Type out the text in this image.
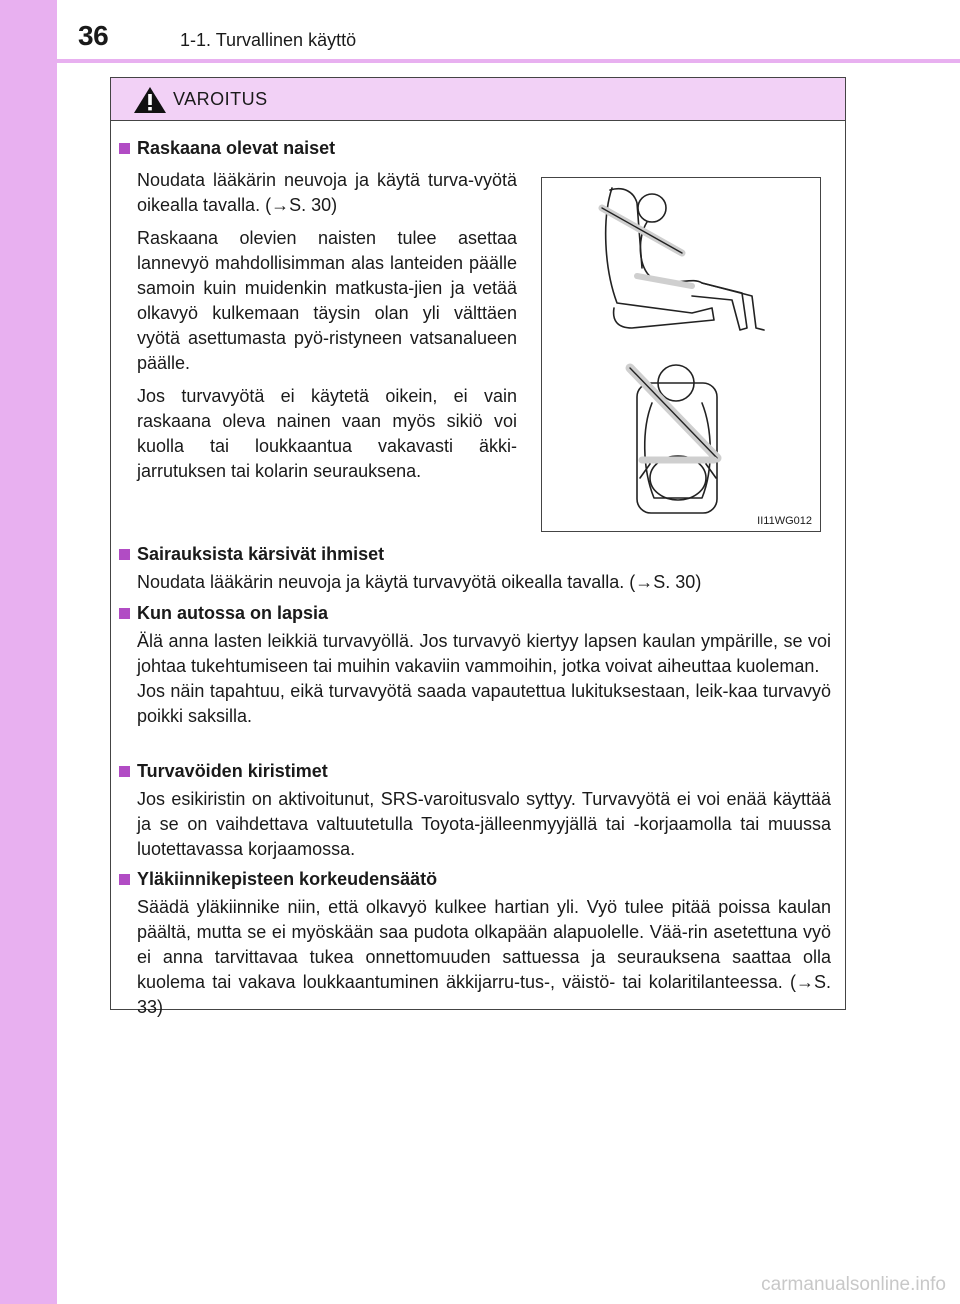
36	1-1. Turvallinen käyttö
VAROITUS
Raskaana olevat naiset

Noudata lääkärin neuvoja ja käytä turva-vyötä oikealla tavalla. (→S. 30)

Raskaana olevien naisten tulee asettaa lannevyö mahdollisimman alas lanteiden päälle samoin kuin muidenkin matkusta-jien ja vetää olkavyö kulkemaan täysin olan yli välttäen vyötä asettumasta pyö-ristyneen vatsanalueen päälle.

Jos turvavyötä ei käytetä oikein, ei vain raskaana oleva nainen vaan myös sikiö voi kuolla tai loukkaantua vakavasti äkki-jarrutuksen tai kolarin seurauksena.

II11WG012
Sairauksista kärsivät ihmiset

Noudata lääkärin neuvoja ja käytä turvavyötä oikealla tavalla. (→S. 30)

Kun autossa on lapsia

Älä anna lasten leikkiä turvavyöllä. Jos turvavyö kiertyy lapsen kaulan ympärille, se voi johtaa tukehtumiseen tai muihin vakaviin vammoihin, jotka voivat aiheuttaa kuoleman.

Jos näin tapahtuu, eikä turvavyötä saada vapautettua lukituksestaan, leik-kaa turvavyö poikki saksilla.

Turvavöiden kiristimet

Jos esikiristin on aktivoitunut, SRS-varoitusvalo syttyy. Turvavyötä ei voi enää käyttää ja se on vaihdettava valtuutetulla Toyota-jälleenmyyjällä tai -korjaamolla tai muussa luotettavassa korjaamossa.

Yläkiinnikepisteen korkeudensäätö

Säädä yläkiinnike niin, että olkavyö kulkee hartian yli. Vyö tulee pitää poissa kaulan päältä, mutta se ei myöskään saa pudota olkapään alapuolelle. Vää-rin asetettuna vyö ei anna tarvittavaa tukea onnettomuuden sattuessa ja seurauksena saattaa olla kuolema tai vakava loukkaantuminen äkkijarru-tus-, väistö- tai kolaritilanteessa. (→S. 33)

carmanualsonline.info
